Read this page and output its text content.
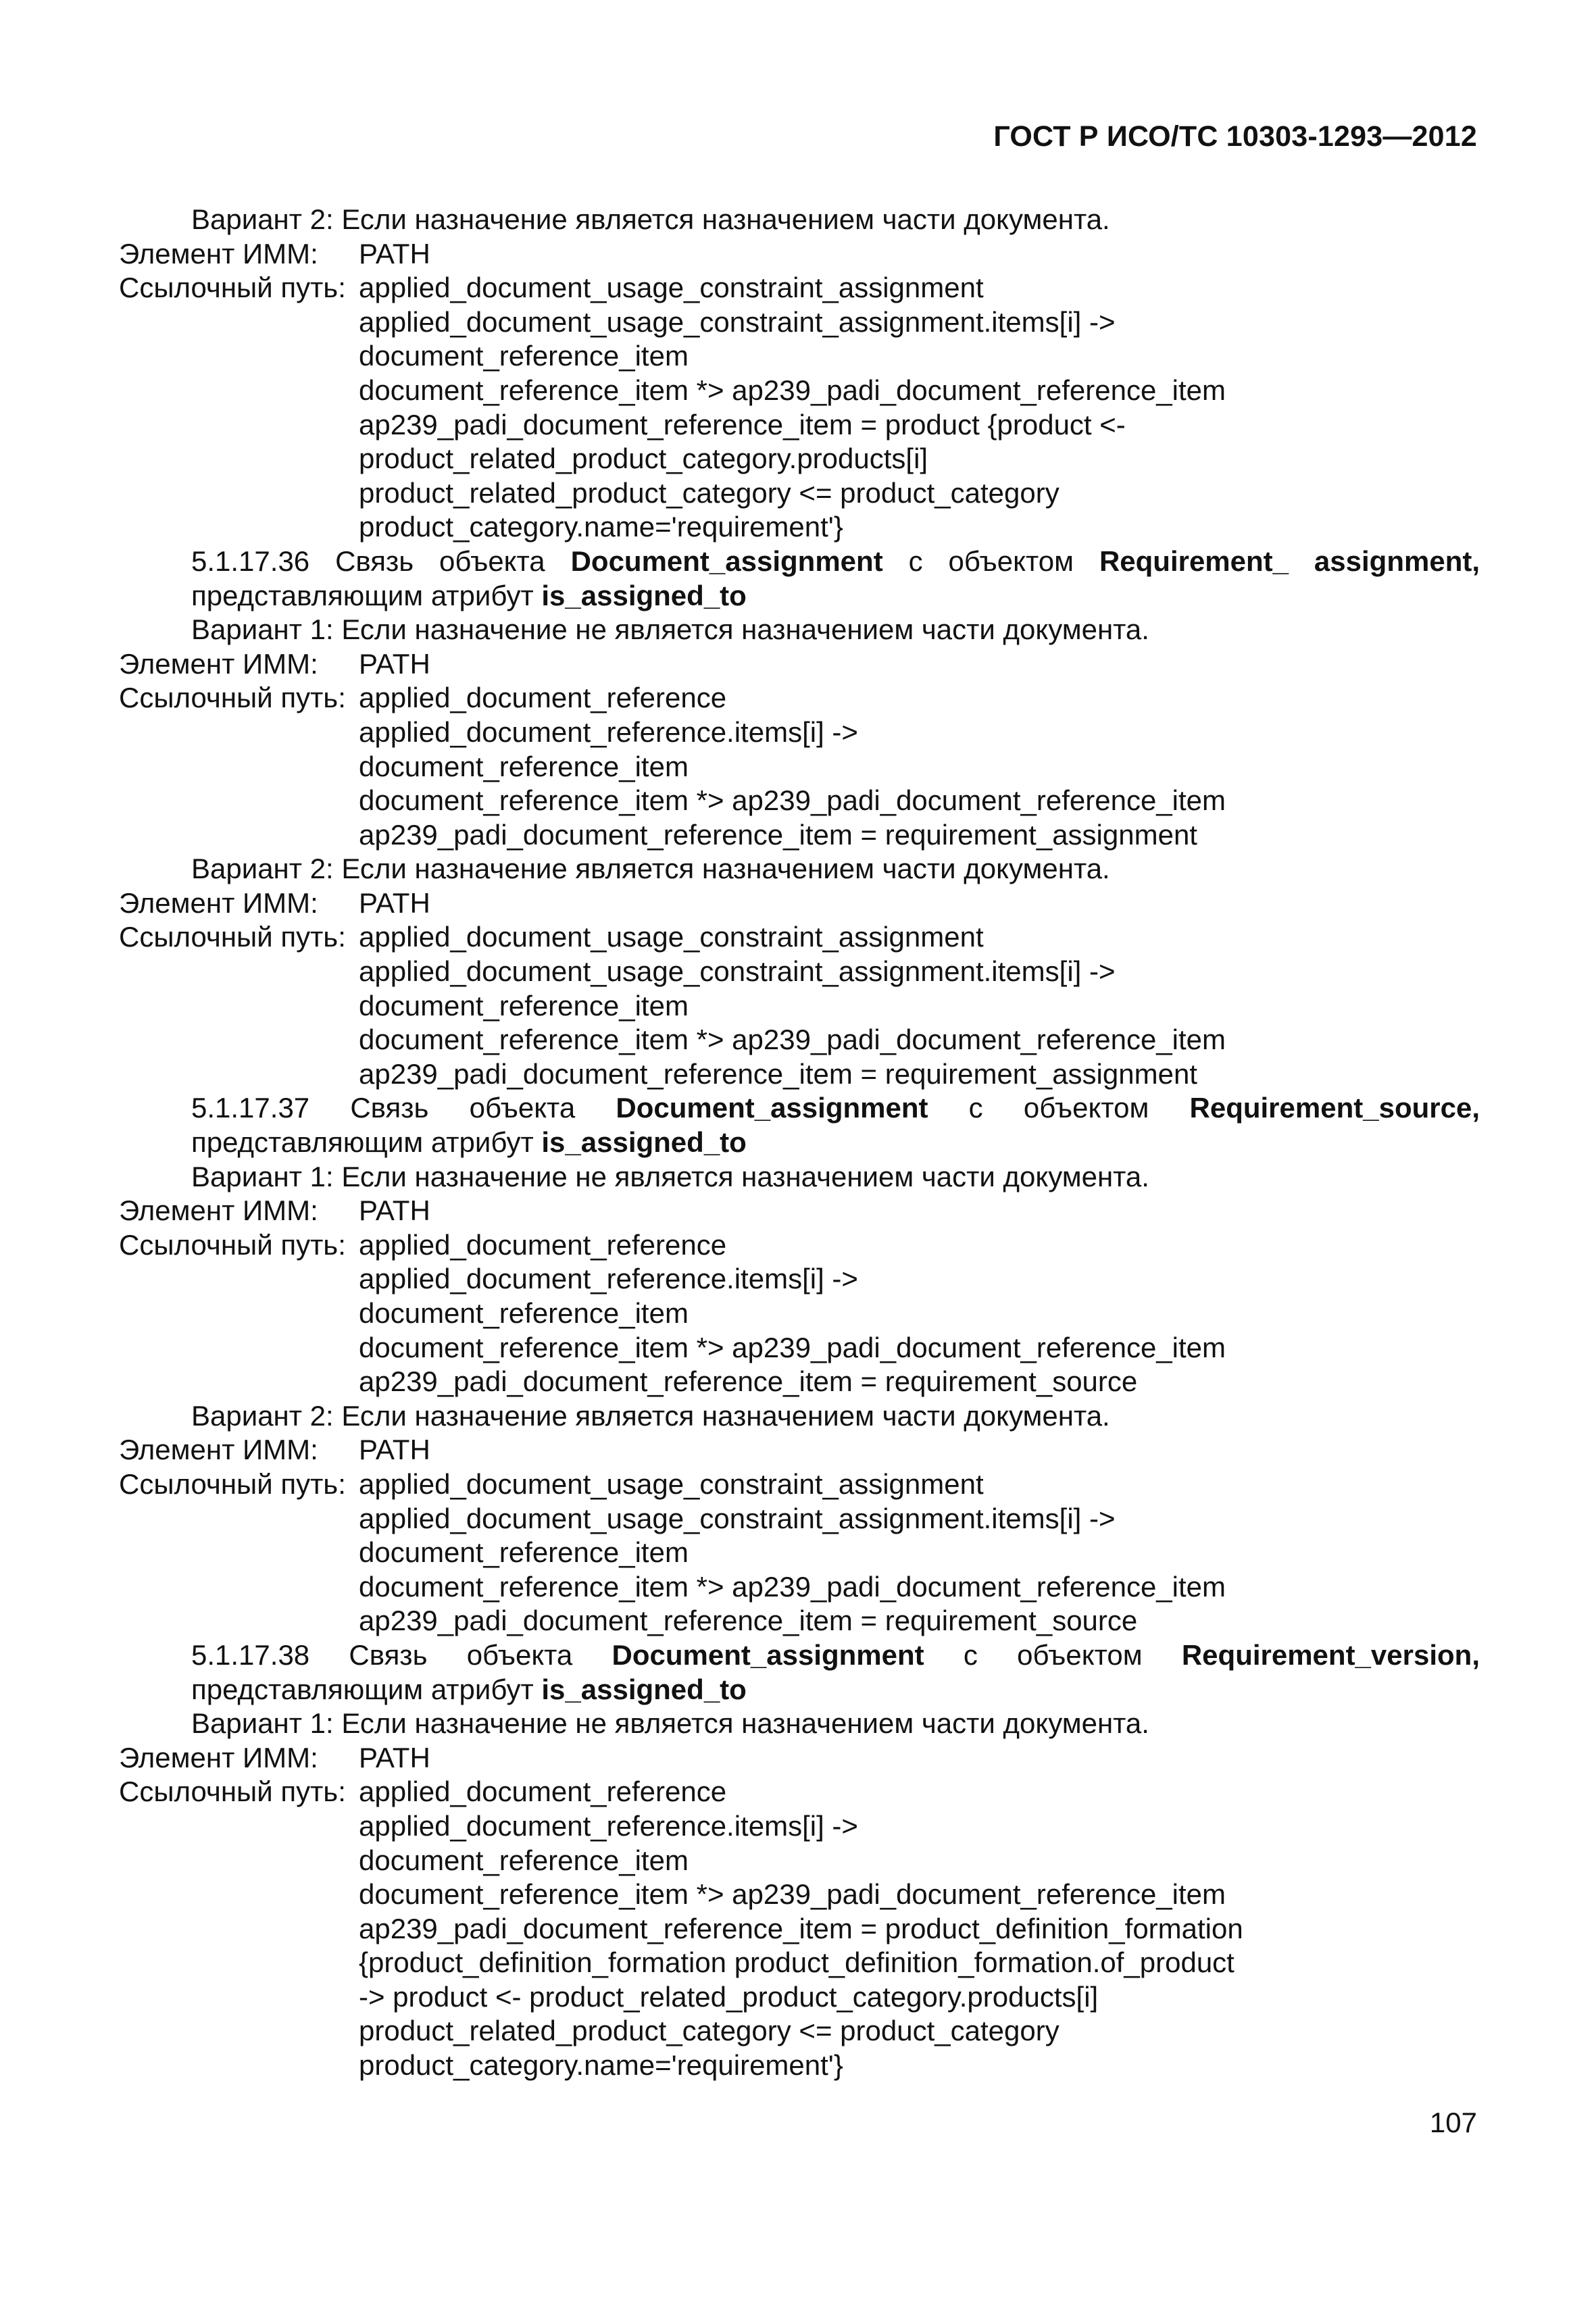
ГОСТ Р ИСО/ТС 10303-1293—2012
Вариант 2: Если назначение является назначением части документа.
Элемент ИММ: PATH
Ссылочный путь: applied_document_usage_constraint_assignment
applied_document_usage_constraint_assignment.items[i] ->
document_reference_item
document_reference_item *> ap239_padi_document_reference_item
ap239_padi_document_reference_item = product {product <-
product_related_product_category.products[i]
product_related_product_category <= product_category
product_category.name='requirement'}
5.1.17.36 Связь объекта Document_assignment с объектом Requirement_ assignment, представляющим атрибут is_assigned_to
Вариант 1: Если назначение не является назначением части документа.
Элемент ИММ: PATH
Ссылочный путь: applied_document_reference
applied_document_reference.items[i] ->
document_reference_item
document_reference_item *> ap239_padi_document_reference_item
ap239_padi_document_reference_item = requirement_assignment
Вариант 2: Если назначение является назначением части документа.
Элемент ИММ: PATH
Ссылочный путь: applied_document_usage_constraint_assignment
applied_document_usage_constraint_assignment.items[i] ->
document_reference_item
document_reference_item *> ap239_padi_document_reference_item
ap239_padi_document_reference_item = requirement_assignment
5.1.17.37 Связь объекта Document_assignment с объектом Requirement_source, представляющим атрибут is_assigned_to
Вариант 1: Если назначение не является назначением части документа.
Элемент ИММ: PATH
Ссылочный путь: applied_document_reference
applied_document_reference.items[i] ->
document_reference_item
document_reference_item *> ap239_padi_document_reference_item
ap239_padi_document_reference_item = requirement_source
Вариант 2: Если назначение является назначением части документа.
Элемент ИММ: PATH
Ссылочный путь: applied_document_usage_constraint_assignment
applied_document_usage_constraint_assignment.items[i] ->
document_reference_item
document_reference_item *> ap239_padi_document_reference_item
ap239_padi_document_reference_item = requirement_source
5.1.17.38 Связь объекта Document_assignment с объектом Requirement_version, представляющим атрибут is_assigned_to
Вариант 1: Если назначение не является назначением части документа.
Элемент ИММ: PATH
Ссылочный путь: applied_document_reference
applied_document_reference.items[i] ->
document_reference_item
document_reference_item *> ap239_padi_document_reference_item
ap239_padi_document_reference_item = product_definition_formation
{product_definition_formation product_definition_formation.of_product
-> product <- product_related_product_category.products[i]
product_related_product_category <= product_category
product_category.name='requirement'}
107
